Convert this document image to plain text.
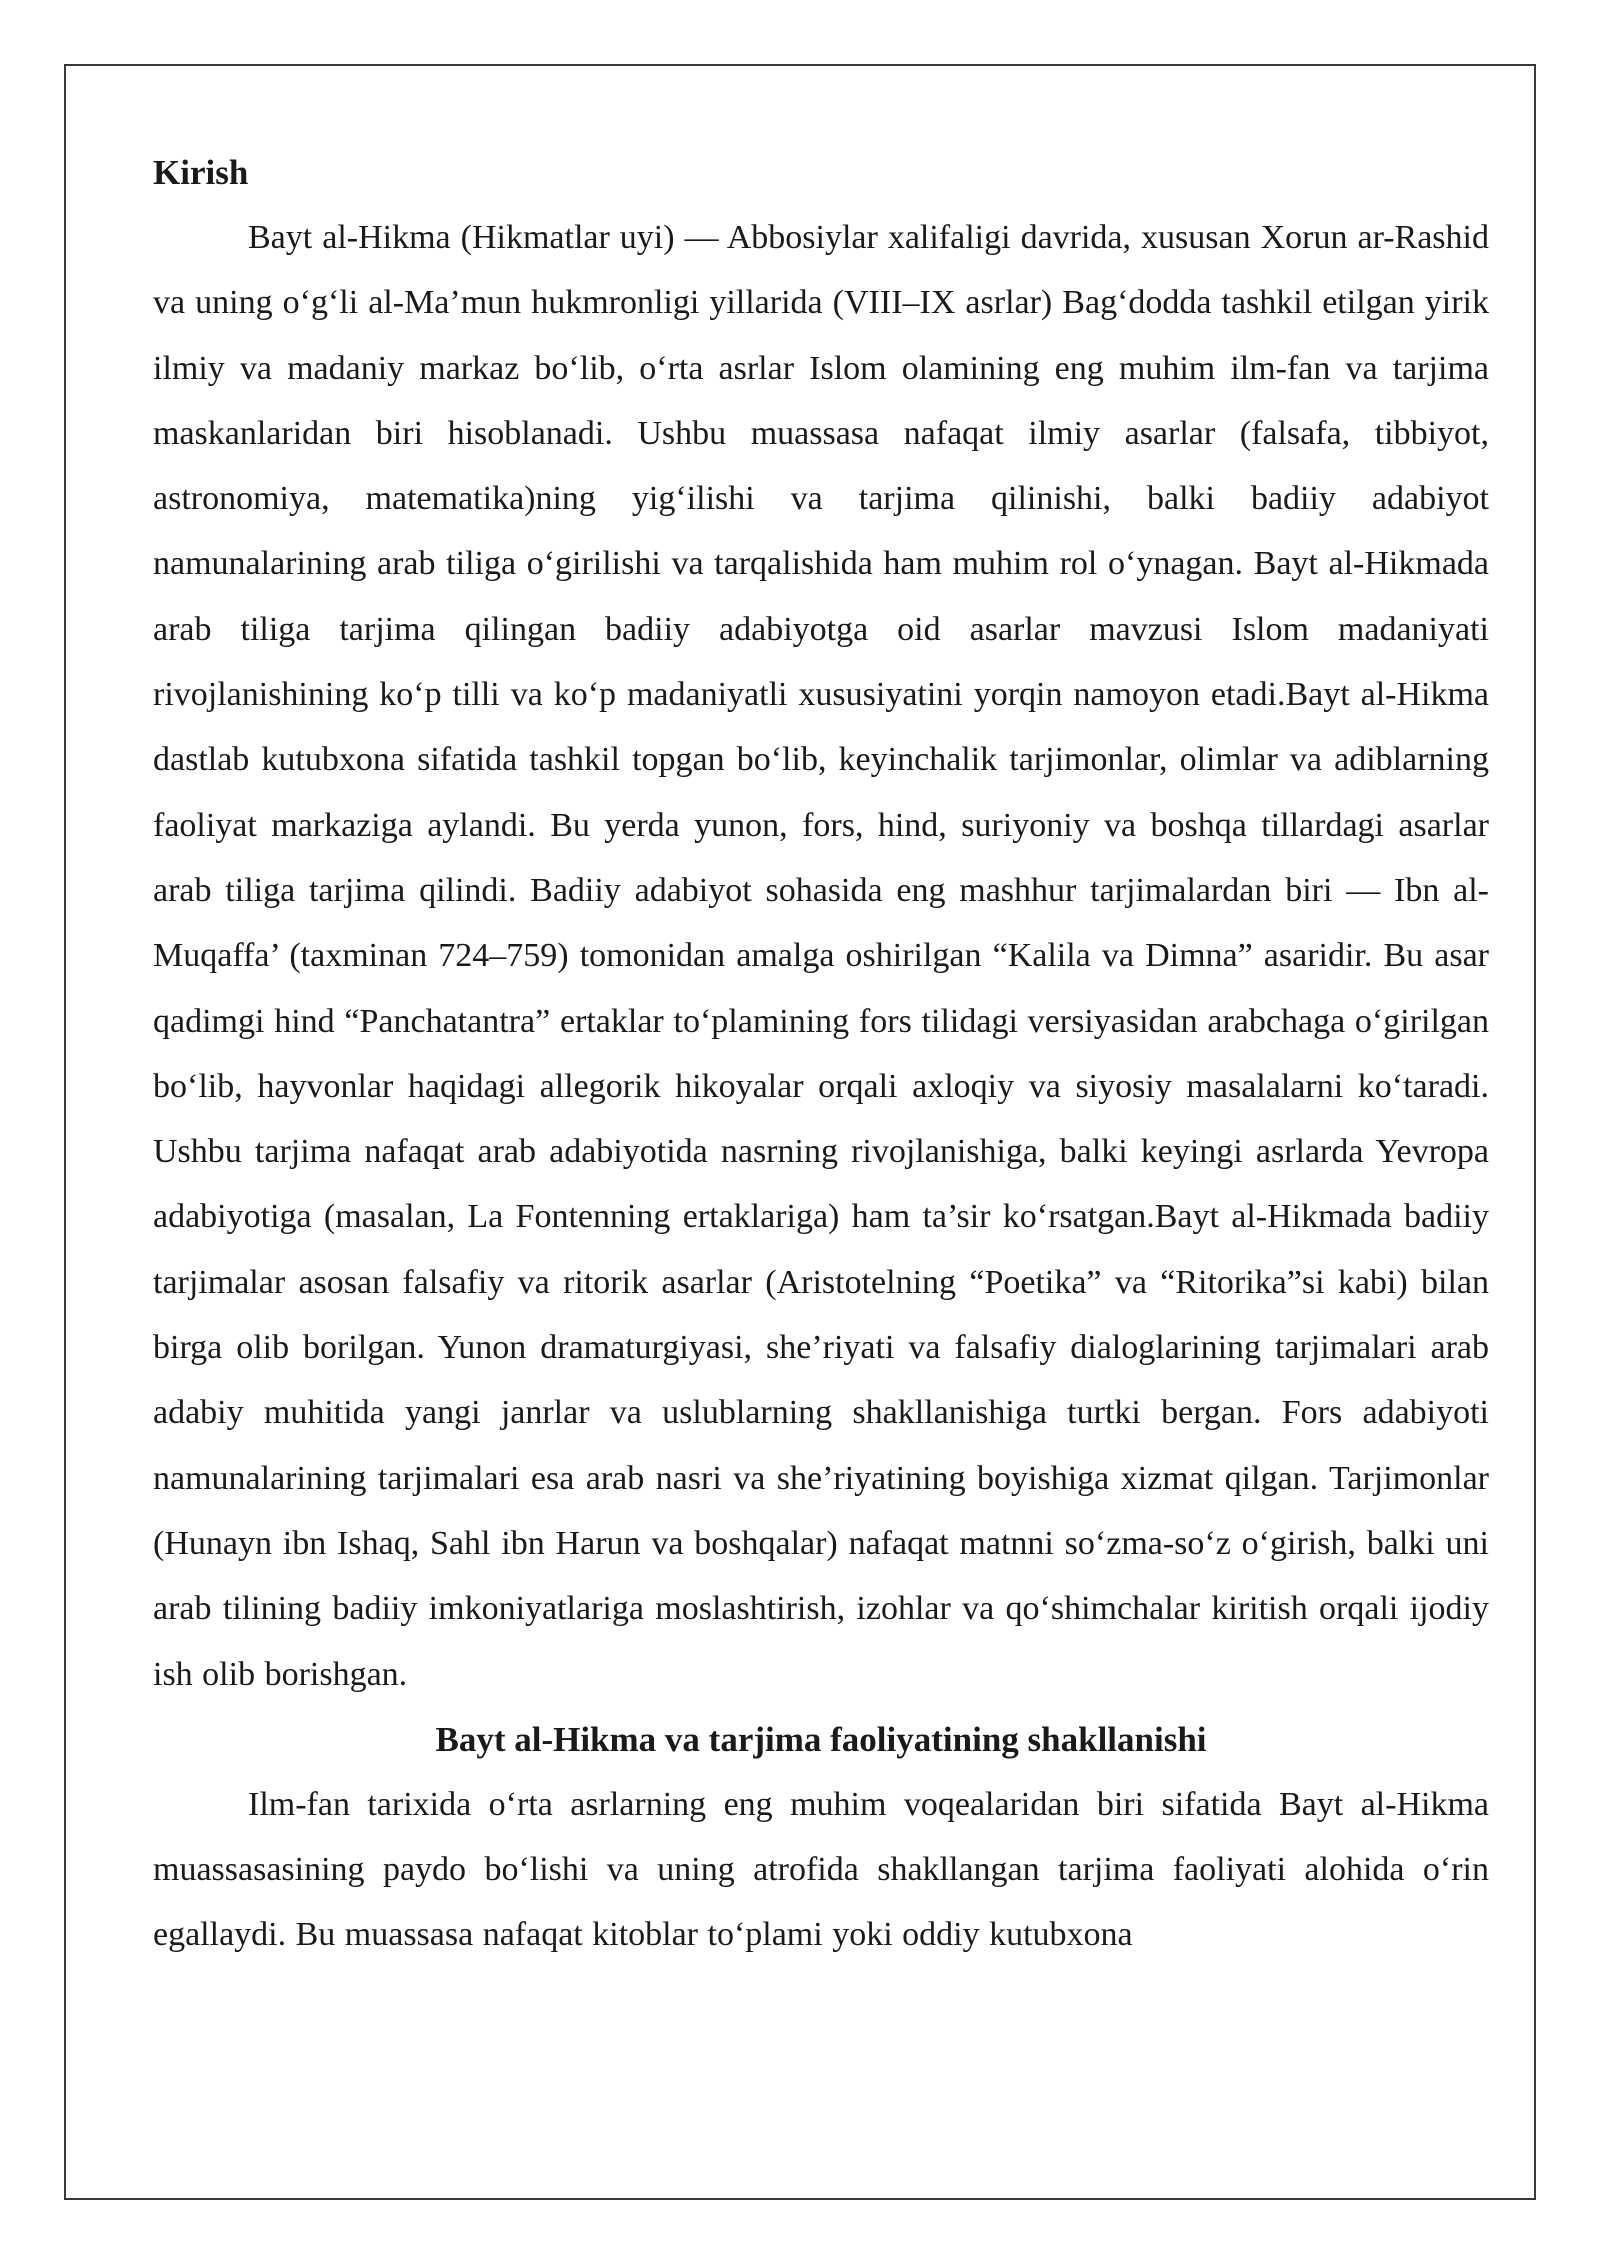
Kirish

Bayt al-Hikma (Hikmatlar uyi) — Abbosiylar xalifaligi davrida, xususan Xorun ar-Rashid va uning o‘g‘li al-Ma’mun hukmronligi yillarida (VIII–IX asrlar) Bag‘dodda tashkil etilgan yirik ilmiy va madaniy markaz bo‘lib, o‘rta asrlar Islom olamining eng muhim ilm-fan va tarjima maskanlaridan biri hisoblanadi. Ushbu muassasa nafaqat ilmiy asarlar (falsafa, tibbiyot, astronomiya, matematika)ning yig‘ilishi va tarjima qilinishi, balki badiiy adabiyot namunalarining arab tiliga o‘girilishi va tarqalishida ham muhim rol o‘ynagan. Bayt al-Hikmada arab tiliga tarjima qilingan badiiy adabiyotga oid asarlar mavzusi Islom madaniyati rivojlanishining ko‘p tilli va ko‘p madaniyatli xususiyatini yorqin namoyon etadi.Bayt al-Hikma dastlab kutubxona sifatida tashkil topgan bo‘lib, keyinchalik tarjimonlar, olimlar va adiblarning faoliyat markaziga aylandi. Bu yerda yunon, fors, hind, suriyoniy va boshqa tillardagi asarlar arab tiliga tarjima qilindi. Badiiy adabiyot sohasida eng mashhur tarjimalardan biri — Ibn al-Muqaffa’ (taxminan 724–759) tomonidan amalga oshirilgan “Kalila va Dimna” asaridir. Bu asar qadimgi hind “Panchatantra” ertaklar to‘plamining fors tilidagi versiyasidan arabchaga o‘girilgan bo‘lib, hayvonlar haqidagi allegorik hikoyalar orqali axloqiy va siyosiy masalalarni ko‘taradi. Ushbu tarjima nafaqat arab adabiyotida nasrning rivojlanishiga, balki keyingi asrlarda Yevropa adabiyotiga (masalan, La Fontenning ertaklariga) ham ta’sir ko‘rsatgan.Bayt al-Hikmada badiiy tarjimalar asosan falsafiy va ritorik asarlar (Aristotelning “Poetika” va “Ritorika”si kabi) bilan birga olib borilgan. Yunon dramaturgiyasi, she’riyati va falsafiy dialoglarining tarjimalari arab adabiy muhitida yangi janrlar va uslublarning shakllanishiga turtki bergan. Fors adabiyoti namunalarining tarjimalari esa arab nasri va she’riyatining boyishiga xizmat qilgan. Tarjimonlar (Hunayn ibn Ishaq, Sahl ibn Harun va boshqalar) nafaqat matnni so‘zma-so‘z o‘girish, balki uni arab tilining badiiy imkoniyatlariga moslashtirish, izohlar va qo‘shimchalar kiritish orqali ijodiy ish olib borishgan.

Bayt al-Hikma va tarjima faoliyatining shakllanishi

Ilm-fan tarixida o‘rta asrlarning eng muhim voqealaridan biri sifatida Bayt al-Hikma muassasasining paydo bo‘lishi va uning atrofida shakllangan tarjima faoliyati alohida o‘rin egallaydi. Bu muassasa nafaqat kitoblar to‘plami yoki oddiy kutubxona
